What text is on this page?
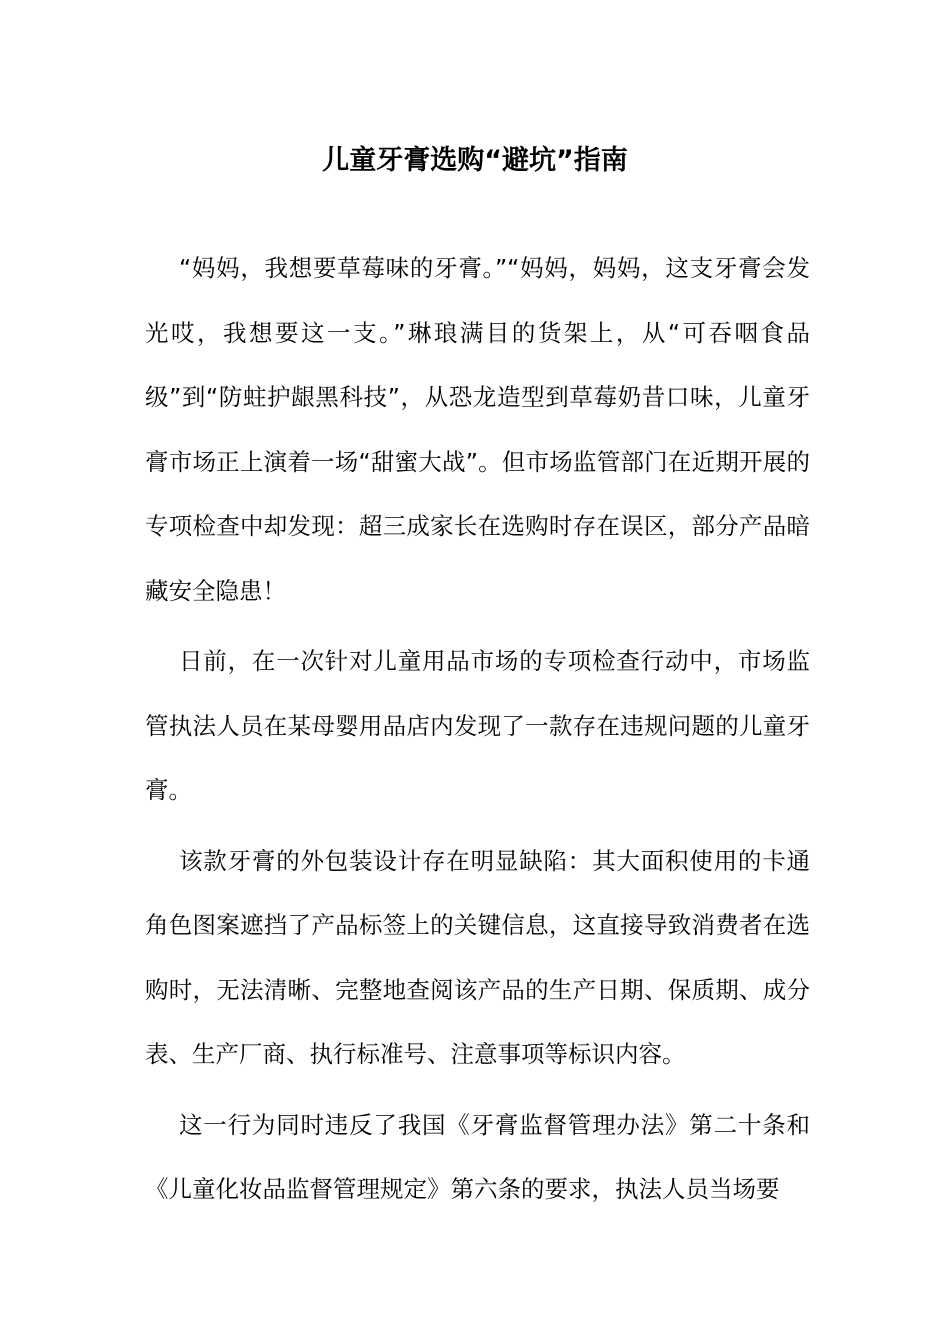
儿童牙膏选购“避坑”指南

“妈妈，我想要草莓味的牙膏。”“妈妈，妈妈，这支牙膏会发光哎，我想要这一支。”琳琅满目的货架上，从“可吞咽食品级”到“防蛀护龈黑科技”，从恐龙造型到草莓奶昔口味，儿童牙膏市场正上演着一场“甜蜜大战”。但市场监管部门在近期开展的专项检查中却发现：超三成家长在选购时存在误区，部分产品暗藏安全隐患！

日前，在一次针对儿童用品市场的专项检查行动中，市场监管执法人员在某母婴用品店内发现了一款存在违规问题的儿童牙膏。

该款牙膏的外包装设计存在明显缺陷：其大面积使用的卡通角色图案遮挡了产品标签上的关键信息，这直接导致消费者在选购时，无法清晰、完整地查阅该产品的生产日期、保质期、成分表、生产厂商、执行标准号、注意事项等标识内容。

这一行为同时违反了我国《牙膏监督管理办法》第二十条和《儿童化妆品监督管理规定》第六条的要求，执法人员当场要
